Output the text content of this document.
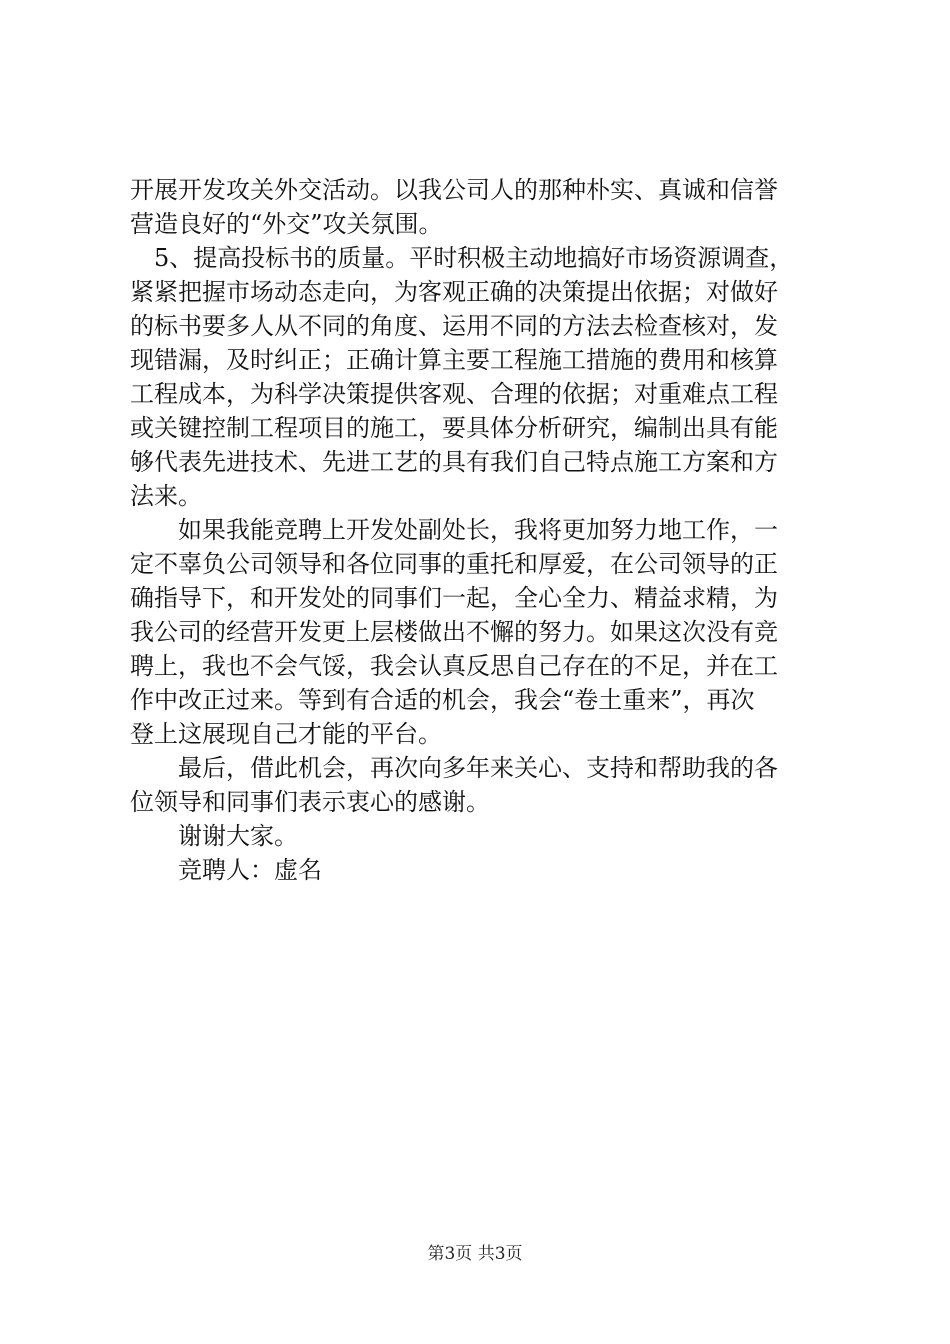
开展开发攻关外交活动。以我公司人的那种朴实、真诚和信誉
营造良好的“外交”攻关氛围。
　5、提高投标书的质量。平时积极主动地搞好市场资源调查，
紧紧把握市场动态走向，为客观正确的决策提出依据；对做好
的标书要多人从不同的角度、运用不同的方法去检查核对，发
现错漏，及时纠正；正确计算主要工程施工措施的费用和核算
工程成本，为科学决策提供客观、合理的依据；对重难点工程
或关键控制工程项目的施工，要具体分析研究，编制出具有能
够代表先进技术、先进工艺的具有我们自己特点施工方案和方
法来。
　　如果我能竞聘上开发处副处长，我将更加努力地工作，一
定不辜负公司领导和各位同事的重托和厚爱，在公司领导的正
确指导下，和开发处的同事们一起，全心全力、精益求精，为
我公司的经营开发更上层楼做出不懈的努力。如果这次没有竞
聘上，我也不会气馁，我会认真反思自己存在的不足，并在工
作中改正过来。等到有合适的机会，我会“卷土重来”，再次
登上这展现自己才能的平台。
　　最后，借此机会，再次向多年来关心、支持和帮助我的各
位领导和同事们表示衷心的感谢。
　　谢谢大家。
　　竞聘人：虚名
第3页 共3页
